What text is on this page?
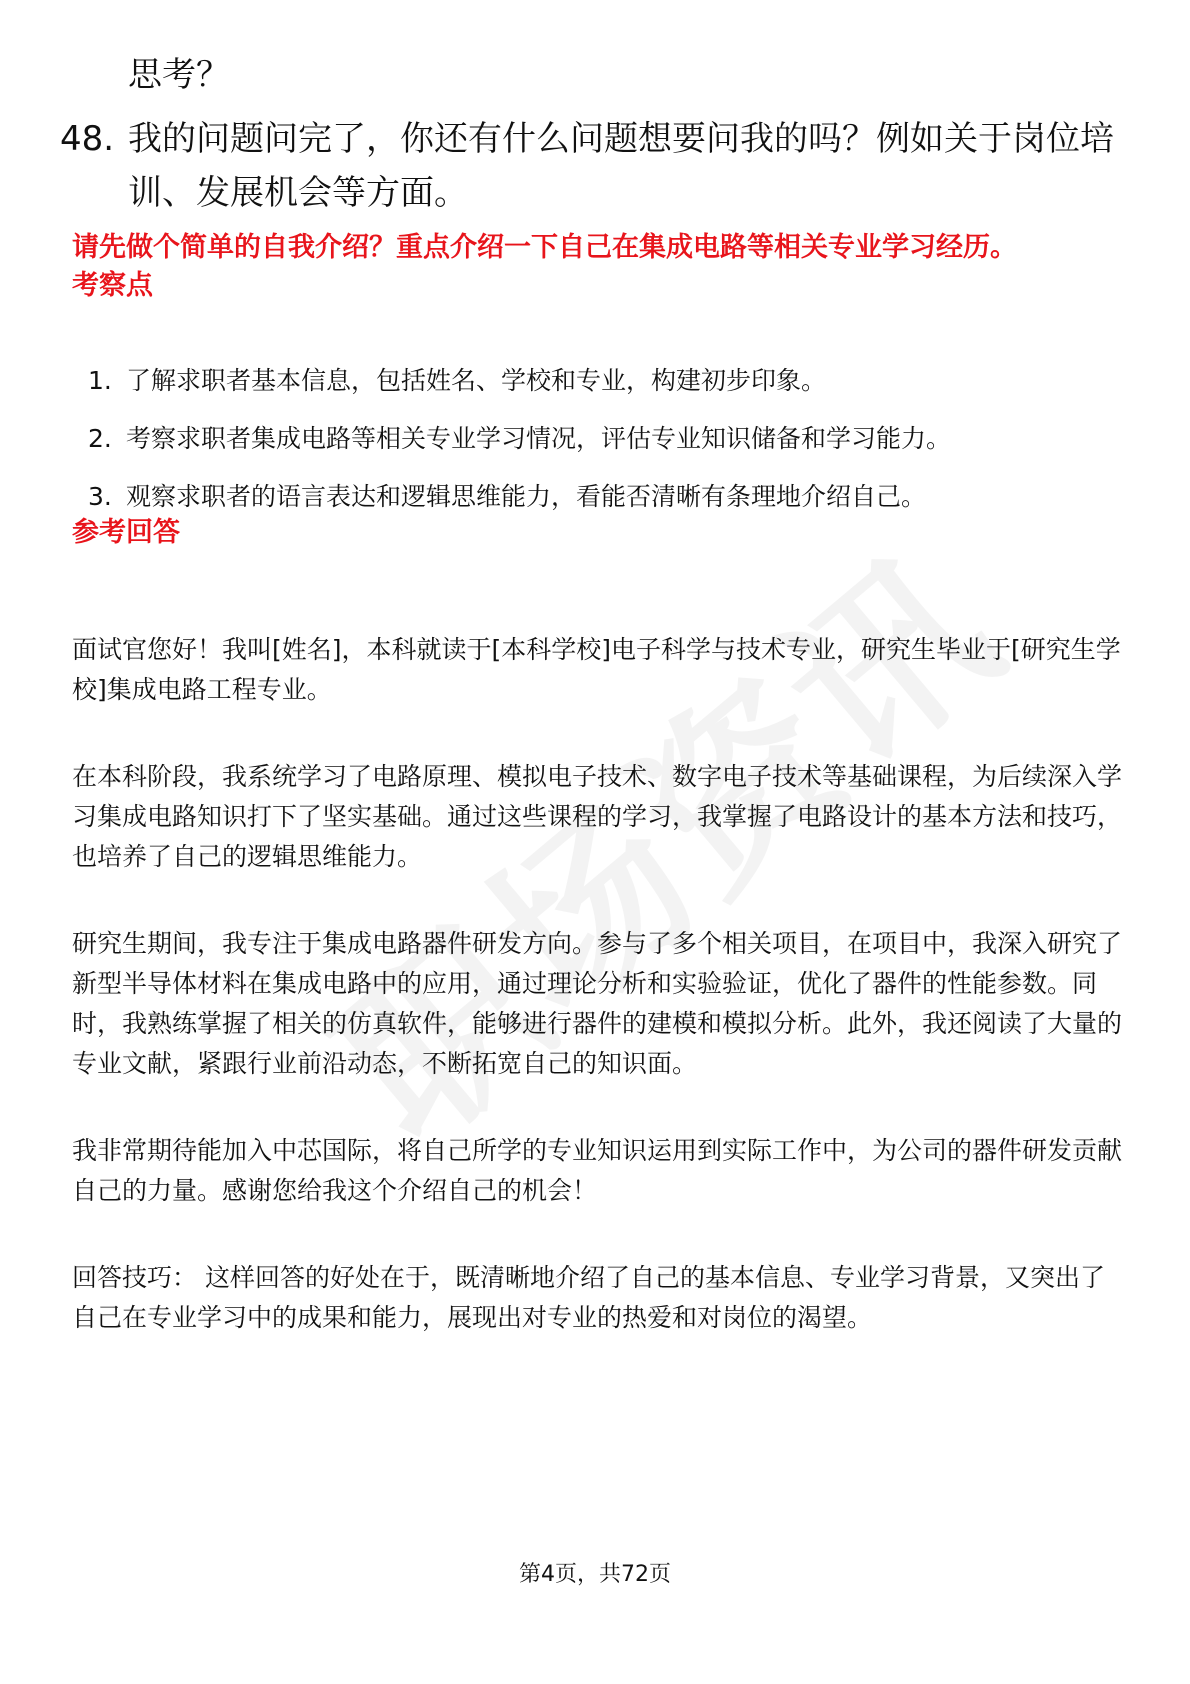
思考？
48. 我的问题问完了，你还有什么问题想要问我的吗？例如关于岗位培训、发展机会等方面。
请先做个简单的自我介绍？重点介绍一下自己在集成电路等相关专业学习经历。
考察点
1. 了解求职者基本信息，包括姓名、学校和专业，构建初步印象。
2. 考察求职者集成电路等相关专业学习情况，评估专业知识储备和学习能力。
3. 观察求职者的语言表达和逻辑思维能力，看能否清晰有条理地介绍自己。
参考回答

面试官您好！我叫[姓名]，本科就读于[本科学校]电子科学与技术专业，研究生毕业于[研究生学校]集成电路工程专业。

在本科阶段，我系统学习了电路原理、模拟电子技术、数字电子技术等基础课程，为后续深入学习集成电路知识打下了坚实基础。通过这些课程的学习，我掌握了电路设计的基本方法和技巧，也培养了自己的逻辑思维能力。

研究生期间，我专注于集成电路器件研发方向。参与了多个相关项目，在项目中，我深入研究了新型半导体材料在集成电路中的应用，通过理论分析和实验验证，优化了器件的性能参数。同时，我熟练掌握了相关的仿真软件，能够进行器件的建模和模拟分析。此外，我还阅读了大量的专业文献，紧跟行业前沿动态，不断拓宽自己的知识面。

我非常期待能加入中芯国际，将自己所学的专业知识运用到实际工作中，为公司的器件研发贡献自己的力量。感谢您给我这个介绍自己的机会！

回答技巧： 这样回答的好处在于，既清晰地介绍了自己的基本信息、专业学习背景，又突出了自己在专业学习中的成果和能力，展现出对专业的热爱和对岗位的渴望。

第4页，共72页
